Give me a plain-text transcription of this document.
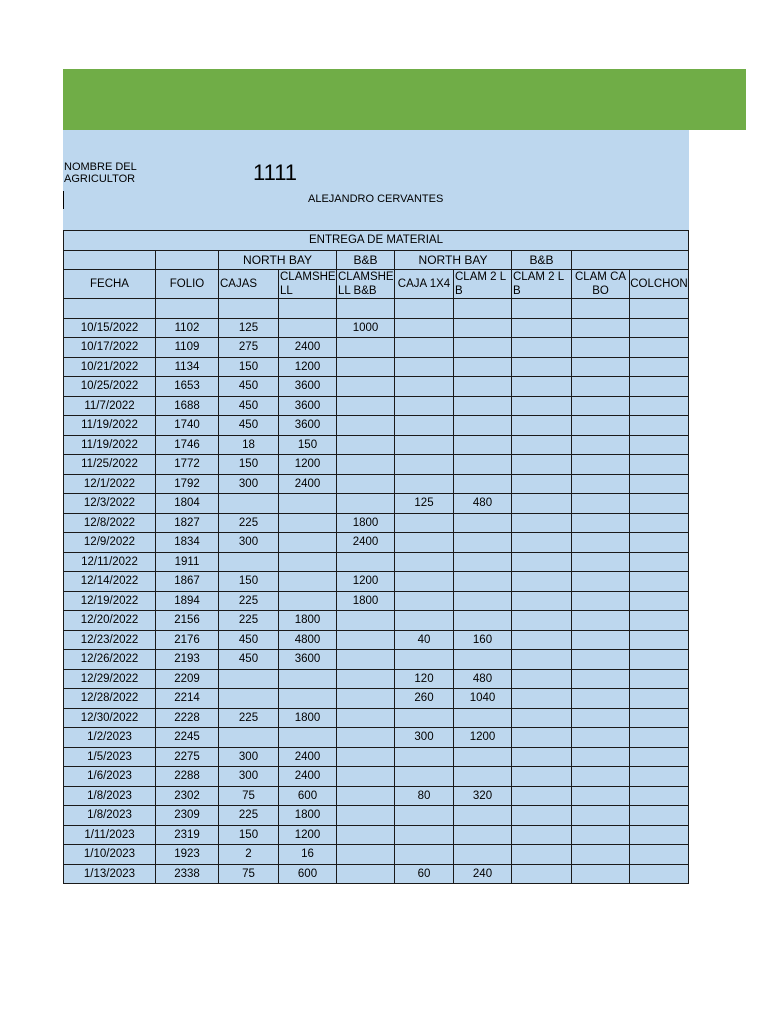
NOMBRE DEL AGRICULTOR	1111
ALEJANDRO CERVANTES
ENTREGA DE MATERIAL									
		NORTH BAY		B&B	NORTH BAY		B&B		
FECHA	FOLIO	CAJAS	CLAMSHELL	CLAMSHELL B&B	CAJA 1X4	CLAM 2 LB	CLAM 2 LB	CLAM CABO	COLCHON

10/15/2022	1102	125		1000					
10/17/2022	1109	275	2400						
10/21/2022	1134	150	1200						
10/25/2022	1653	450	3600						
11/7/2022	1688	450	3600						
11/19/2022	1740	450	3600						
11/19/2022	1746	18	150						
11/25/2022	1772	150	1200						
12/1/2022	1792	300	2400						
12/3/2022	1804				125	480			
12/8/2022	1827	225		1800					
12/9/2022	1834	300		2400					
12/11/2022	1911								
12/14/2022	1867	150		1200					
12/19/2022	1894	225		1800					
12/20/2022	2156	225	1800						
12/23/2022	2176	450	4800		40	160			
12/26/2022	2193	450	3600						
12/29/2022	2209				120	480			
12/28/2022	2214				260	1040			
12/30/2022	2228	225	1800						
1/2/2023	2245				300	1200			
1/5/2023	2275	300	2400						
1/6/2023	2288	300	2400						
1/8/2023	2302	75	600		80	320			
1/8/2023	2309	225	1800						
1/11/2023	2319	150	1200						
1/10/2023	1923	2	16						
1/13/2023	2338	75	600		60	240			
